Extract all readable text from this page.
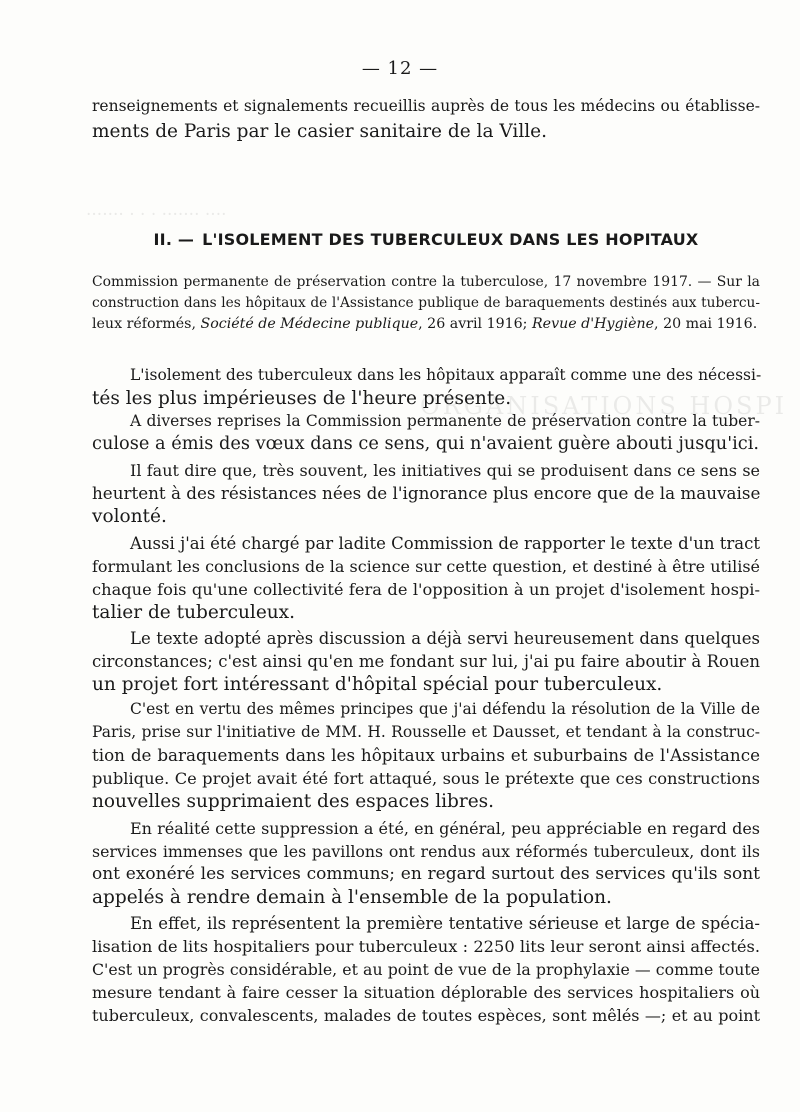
ORGANISATIONS HOSPI
······· · · · ······· ····
— 12 —
renseignements et signalements recueillis auprès de tous les médecins ou établisse-
ments de Paris par le casier sanitaire de la Ville.
II. — L'ISOLEMENT DES TUBERCULEUX DANS LES HOPITAUX
Commission permanente de préservation contre la tuberculose, 17 novembre 1917. — Sur la
construction dans les hôpitaux de l'Assistance publique de baraquements destinés aux tubercu-
leux réformés, Société de Médecine publique, 26 avril 1916; Revue d'Hygiène, 20 mai 1916.
L'isolement des tuberculeux dans les hôpitaux apparaît comme une des nécessi-
tés les plus impérieuses de l'heure présente.
A diverses reprises la Commission permanente de préservation contre la tuber-
culose a émis des vœux dans ce sens, qui n'avaient guère abouti jusqu'ici.
Il faut dire que, très souvent, les initiatives qui se produisent dans ce sens se
heurtent à des résistances nées de l'ignorance plus encore que de la mauvaise
volonté.
Aussi j'ai été chargé par ladite Commission de rapporter le texte d'un tract
formulant les conclusions de la science sur cette question, et destiné à être utilisé
chaque fois qu'une collectivité fera de l'opposition à un projet d'isolement hospi-
talier de tuberculeux.
Le texte adopté après discussion a déjà servi heureusement dans quelques
circonstances; c'est ainsi qu'en me fondant sur lui, j'ai pu faire aboutir à Rouen
un projet fort intéressant d'hôpital spécial pour tuberculeux.
C'est en vertu des mêmes principes que j'ai défendu la résolution de la Ville de
Paris, prise sur l'initiative de MM. H. Rousselle et Dausset, et tendant à la construc-
tion de baraquements dans les hôpitaux urbains et suburbains de l'Assistance
publique. Ce projet avait été fort attaqué, sous le prétexte que ces constructions
nouvelles supprimaient des espaces libres.
En réalité cette suppression a été, en général, peu appréciable en regard des
services immenses que les pavillons ont rendus aux réformés tuberculeux, dont ils
ont exonéré les services communs; en regard surtout des services qu'ils sont
appelés à rendre demain à l'ensemble de la population.
En effet, ils représentent la première tentative sérieuse et large de spécia-
lisation de lits hospitaliers pour tuberculeux : 2250 lits leur seront ainsi affectés.
C'est un progrès considérable, et au point de vue de la prophylaxie — comme toute
mesure tendant à faire cesser la situation déplorable des services hospitaliers où
tuberculeux, convalescents, malades de toutes espèces, sont mêlés —; et au point
